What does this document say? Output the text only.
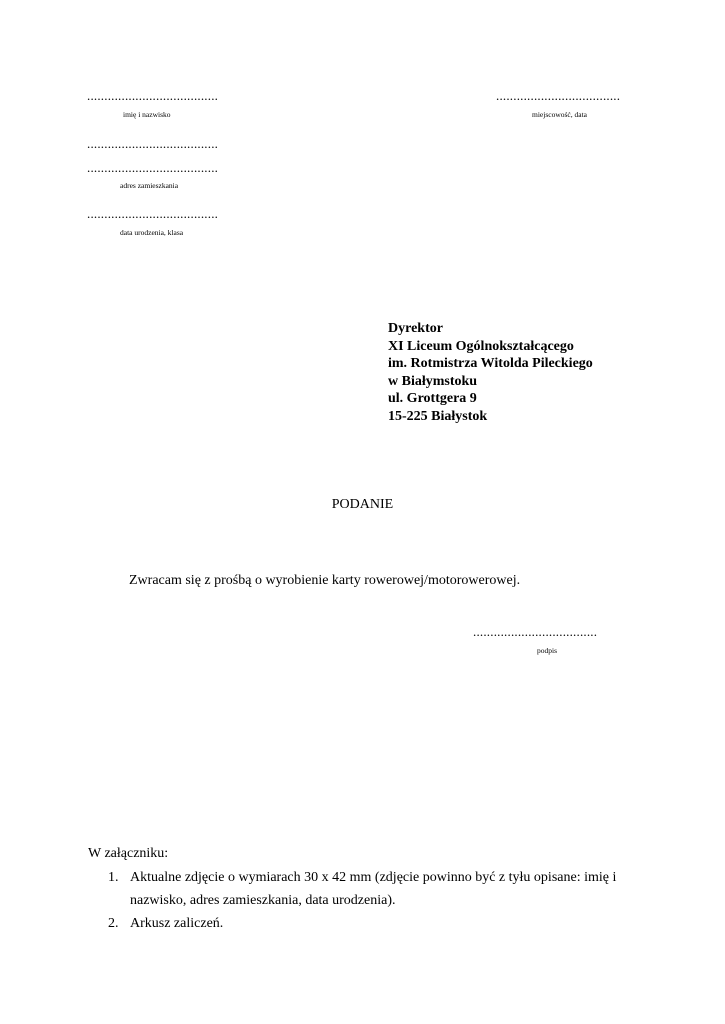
......................................
imię i nazwisko
......................................
......................................
adres zamieszkania
......................................
data urodzenia, klasa
....................................
miejscowość, data
Dyrektor
XI Liceum Ogólnokształcącego
im. Rotmistrza Witolda Pileckiego
w Białymstoku
ul. Grottgera 9
15-225 Białystok
PODANIE
Zwracam się z prośbą o wyrobienie karty rowerowej/motorowerowej.
....................................
podpis
W załączniku:
1. Aktualne zdjęcie o wymiarach 30 x 42 mm (zdjęcie powinno być z tyłu opisane: imię i
nazwisko, adres zamieszkania, data urodzenia).
2. Arkusz zaliczeń.
